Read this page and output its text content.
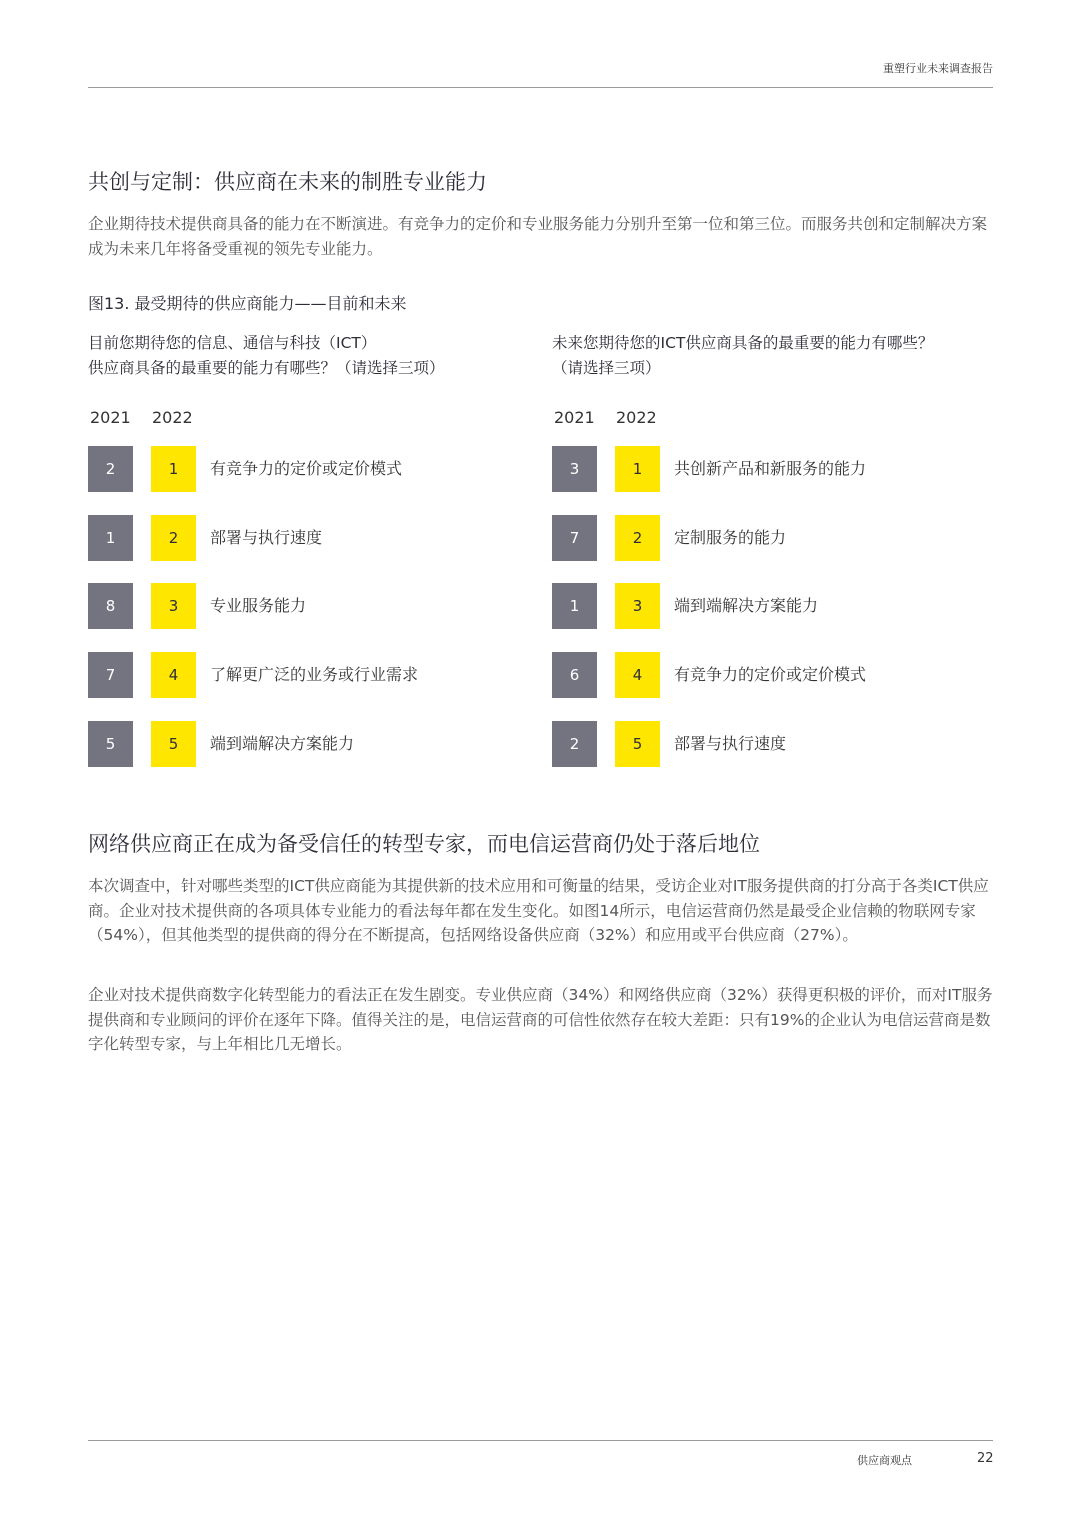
重塑行业未来调查报告
共创与定制：供应商在未来的制胜专业能力

企业期待技术提供商具备的能力在不断演进。有竞争力的定价和专业服务能力分别升至第一位和第三位。而服务共创和定制解决方案成为未来几年将备受重视的领先专业能力。

图13. 最受期待的供应商能力——目前和未来

目前您期待您的信息、通信与科技（ICT）
供应商具备的最重要的能力有哪些？（请选择三项）

2021 2022
2	1	有竞争力的定价或定价模式
1	2	部署与执行速度
8	3	专业服务能力
7	4	了解更广泛的业务或行业需求
5	5	端到端解决方案能力

未来您期待您的ICT供应商具备的最重要的能力有哪些？
（请选择三项）

2021 2022
3	1	共创新产品和新服务的能力
7	2	定制服务的能力
1	3	端到端解决方案能力
6	4	有竞争力的定价或定价模式
2	5	部署与执行速度
网络供应商正在成为备受信任的转型专家，而电信运营商仍处于落后地位

本次调查中，针对哪些类型的ICT供应商能为其提供新的技术应用和可衡量的结果，受访企业对IT服务提供商的打分高于各类ICT供应商。企业对技术提供商的各项具体专业能力的看法每年都在发生变化。如图14所示，电信运营商仍然是最受企业信赖的物联网专家（54%），但其他类型的提供商的得分在不断提高，包括网络设备供应商（32%）和应用或平台供应商（27%）。

企业对技术提供商数字化转型能力的看法正在发生剧变。专业供应商（34%）和网络供应商（32%）获得更积极的评价，而对IT服务提供商和专业顾问的评价在逐年下降。值得关注的是，电信运营商的可信性依然存在较大差距：只有19%的企业认为电信运营商是数字化转型专家，与上年相比几无增长。

供应商观点	22
